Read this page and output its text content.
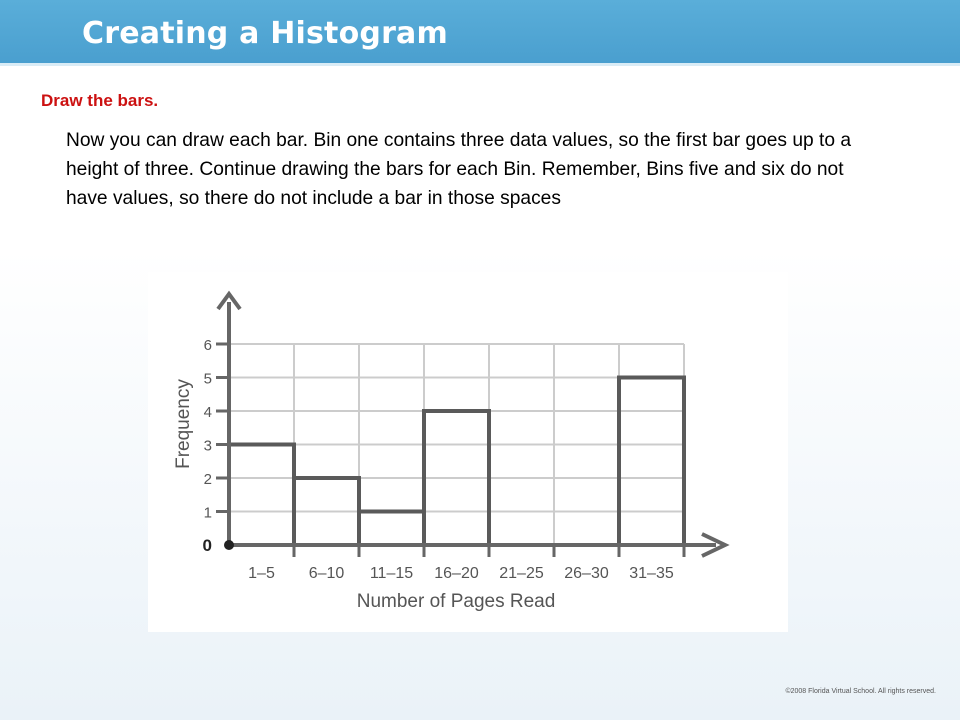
Creating a Histogram
Draw the bars.
Now you can draw each bar. Bin one contains three data values, so the first bar goes up to a height of three. Continue drawing the bars for each Bin. Remember, Bins five and six do not have values, so there do not include a bar in those spaces
0
1
2
3
4
5
6
1–5 6–10 11–15 16–20 21–25 26–30 31–35
Number of Pages Read
Frequency
©2008 Florida Virtual School. All rights reserved.
